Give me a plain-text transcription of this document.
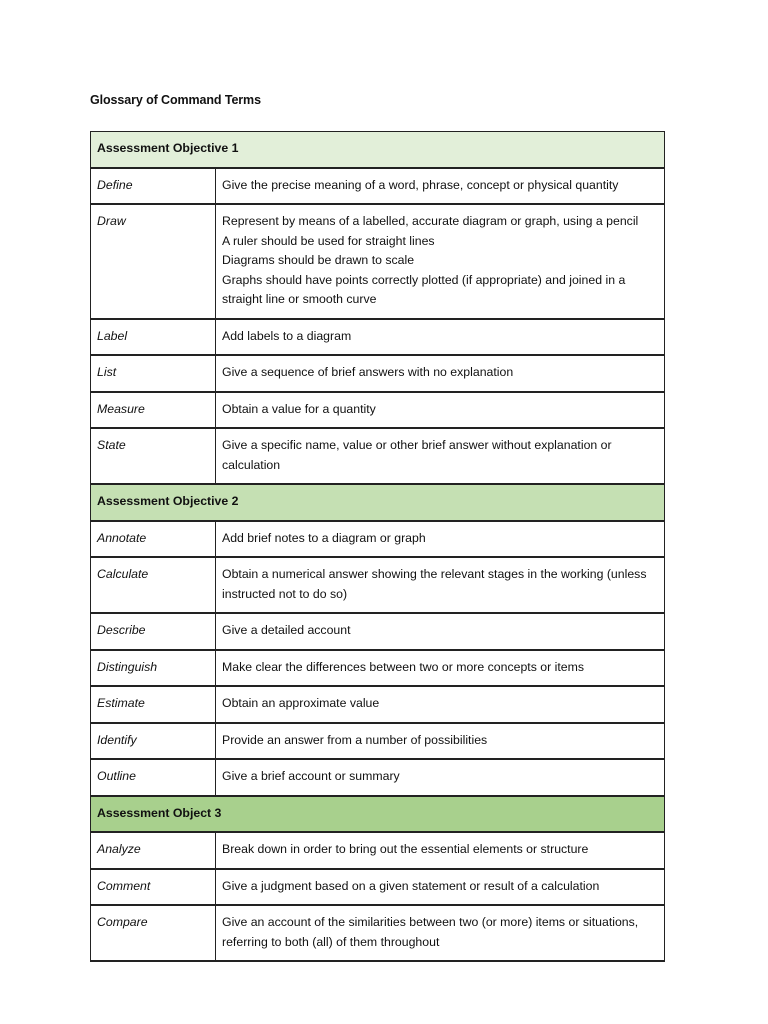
Glossary of Command Terms
Assessment Objective 1	
Define	Give the precise meaning of a word, phrase, concept or physical quantity

Draw	Represent by means of a labelled, accurate diagram or graph, using a pencil
A ruler should be used for straight lines
Diagrams should be drawn to scale
Graphs should have points correctly plotted (if appropriate) and joined in a straight line or smooth curve

Label	Add labels to a diagram

List	Give a sequence of brief answers with no explanation

Measure	Obtain a value for a quantity

State	Give a specific name, value or other brief answer without explanation or calculation

Assessment Objective 2	
Annotate	Add brief notes to a diagram or graph

Calculate	Obtain a numerical answer showing the relevant stages in the working (unless instructed not to do so)

Describe	Give a detailed account

Distinguish	Make clear the differences between two or more concepts or items

Estimate	Obtain an approximate value

Identify	Provide an answer from a number of possibilities

Outline	Give a brief account or summary

Assessment Object 3	
Analyze	Break down in order to bring out the essential elements or structure

Comment	Give a judgment based on a given statement or result of a calculation

Compare	Give an account of the similarities between two (or more) items or situations, referring to both (all) of them throughout
